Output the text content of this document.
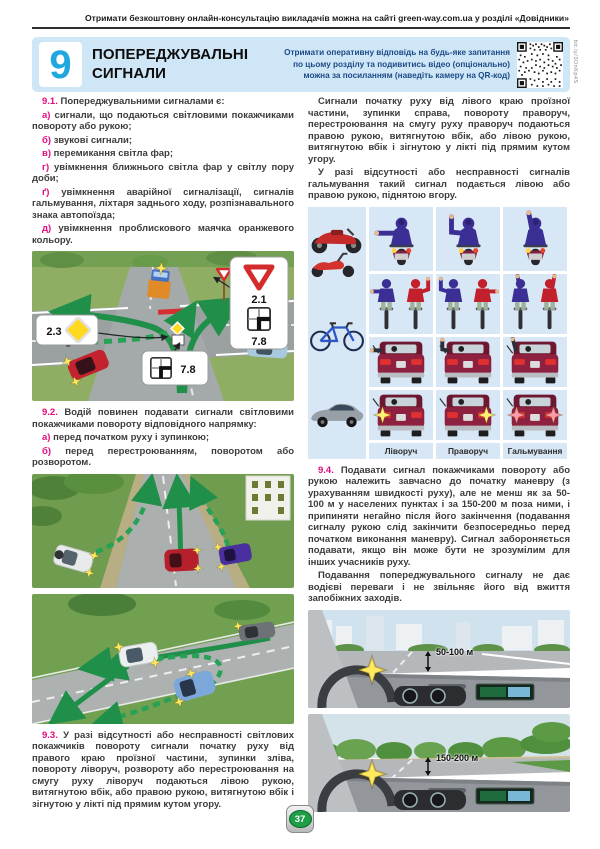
Отримати безкоштовну онлайн-консультацію викладачів можна на сайті green-way.com.ua у розділі «Довідники»
9 ПОПЕРЕДЖУВАЛЬНІ
СИГНАЛИ
Отримати оперативну відповідь на будь-яке запитання
по цьому розділу та подивитись відео (опціонально)
можна за посиланням (наведіть камеру на QR-код)	bit.ly/3OnKp4S

9.1. Попереджувальними сигналами є:

а) сигнали, що подаються світловими покажчиками повороту або рукою;

б) звукові сигнали;

в) перемикання світла фар;

г) увімкнення ближнього світла фар у світлу пору доби;

ґ) увімкнення аварійної сигналізації, сигналів гальмування, ліхтаря заднього ходу, розпізнавального знака автопоїзда;

д) увімкнення проблискового маячка оранжевого кольору.

2.3
7.8
2.1
7.8

9.2. Водій повинен подавати сигнали світловими покажчиками повороту відповідного напрямку:

а) перед початком руху і зупинкою;

б) перед перестроюванням, поворотом або розворотом.

9.3. У разі відсутності або несправності світлових покажчиків повороту сигнали початку руху від правого краю проїзної частини, зупинки зліва, повороту ліворуч, розвороту або перестроювання на смугу руху ліворуч подаються лівою рукою, витягнутою вбік, або правою рукою, витягнутою вбік і зігнутою у лікті під прямим кутом угору.

Сигнали початку руху від лівого краю проїзної частини, зупинки справа, повороту праворуч, перестроювання на смугу руху праворуч подаються правою рукою, витягнутою вбік, або лівою рукою, витягнутою вбік і зігнутою у лікті під прямим кутом угору.

У разі відсутності або несправності сигналів гальмування такий сигнал подається лівою або правою рукою, піднятою вгору.

Ліворуч	Праворуч	Гальмування

9.4. Подавати сигнал покажчиками повороту або рукою належить завчасно до початку маневру (з урахуванням швидкості руху), але не менш як за 50-100 м у населених пунктах і за 150-200 м поза ними, і припиняти негайно після його закінчення (подавання сигналу рукою слід закінчити безпосередньо перед початком виконання маневру). Сигнал забороняється подавати, якщо він може бути не зрозумілим для інших учасників руху.

Подавання попереджувального сигналу не дає водієві переваги і не звільняє його від вжиття запобіжних заходів.

37
